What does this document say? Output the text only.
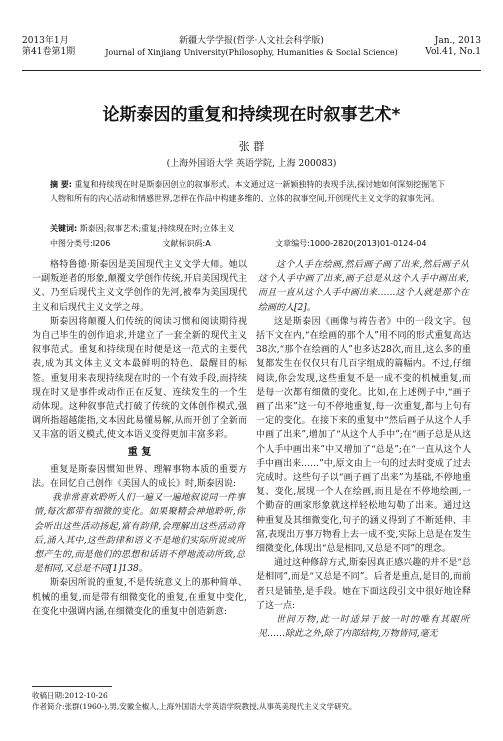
2013年1月
第41卷第1期
新疆大学学报(哲学·人文社会科学版)
Journal of Xinjiang University(Philosophy, Humanities & Social Science)
Jan., 2013
Vol.41, No.1
论斯泰因的重复和持续现在时叙事艺术*
张 群
(上海外国语大学 英语学院, 上海 200083)
摘 要: 重复和持续现在时是斯泰因创立的叙事形式。本文通过这一新颖独特的表现手法,探讨她如何深刻挖掘笔下人物和所有的内心活动和情感世界,怎样在作品中构建多维的、立体的叙事空间,开创现代主义文学的叙事先河。
关键词: 斯泰因;叙事艺术;重复;持续现在时;立体主义
中图分类号:I206	文献标识码:A	文章编号:1000-2820(2013)01-0124-04

格特鲁德·斯泰因是美国现代主义文学大师。她以一副叛逆者的形象,颠覆文学创作传统,开启美国现代主义、乃至后现代主义文学创作的先河,被奉为美国现代主义和后现代主义文学之母。

斯泰因将颠覆人们传统的阅读习惯和阅读期待视为自己毕生的创作追求,并建立了一套全新的现代主义叙事范式。重复和持续现在时便是这一范式的主要代表,成为其文体主义文本最鲜明的特色、最醒目的标签。重复用来表现持续现在时的一个有效手段,而持续现在时又是事件或动作正在反复、连续发生的一个生动体现。这种叙事范式打破了传统的文体创作模式,强调所指超越能指,文本因此易懂易解,从而开创了全新而又丰富的语义模式,使文本语义变得更加丰富多彩。

重 复

重复是斯泰因惯知世界、理解事物本质的重要方法。在回忆自己创作《美国人的成长》时,斯泰因说:

我非常喜欢聆听人们一遍又一遍地叙说同一件事情,每次都带有细微的变化。如果聚精会神地聆听,你会听出这些活动扬起,富有韵律,会理解出这些活动背后,涌入其中,这些韵律和语义不是地们实际所说或所想产生的,而是他们的思想和话语不停地流动所致,总是相同,又总是不同[1]138。

斯泰因所说的重复,不是传统意义上的那种简单、机械的重复,而是带有细微变化的重复,在重复中变化,在变化中强调内涵,在细微变化的重复中创造新意:

这个人手在绘画,然后画子画了出来,然后画子从这个人手中画了出来,画子总是从这个人手中画出来,而且一直从这个人手中画出来……这个人就是那个在绘画的人[2]。

这是斯泰因《画像与祷告者》中的一段文字。包括下文在内,“在绘画的那个人”用不同的形式重复高达38次,“那个在绘画的人”也多达28次,而且,这么多的重复都发生在仅仅只有几百字组成的篇幅内。不过,仔细阅读,你会发现,这些重复不是一成不变的机械重复,而是每一次都有细微的变化。比如,在上述例子中,“画子画了出来”这一句不停地重复,每一次重复,都与上句有一定的变化。在接下来的重复中“然后画子从这个人手中画了出来”,增加了“从这个人手中”;在“画子总是从这个人手中画出来”中又增加了“总是”;在“一直从这个人手中画出来……”中,原文由上一句的过去时变成了过去完成时。这些句子以“画子画了出来”为基础,不停地重复、变化,展现一个人在绘画,而且是在不停地绘画,一个勤奋的画家形象就这样轻松地勾勒了出来。通过这种重复及其细微变化,句子的涵义得到了不断延伸、丰富,表现出万事万物看上去一成不变,实际上总是在发生细微变化,体现出“总是相同,又总是不同”的理念。

通过这种修辞方式,斯泰因真正感兴趣的并不是“总是相同”,而是“又总是不同”。后者是重点,是目的,而前者只是铺垫,是手段。她在下面这段引文中很好地诠释了这一点:

世间万物,此一时适异于彼一时的唯有其眼所见……除此之外,除了内部结构,万物皆同,毫无

收稿日期:2012-10-26
作者简介:张群(1960-),男,安徽全椒人,上海外国语大学英语学院教授,从事英美现代主义文学研究。
